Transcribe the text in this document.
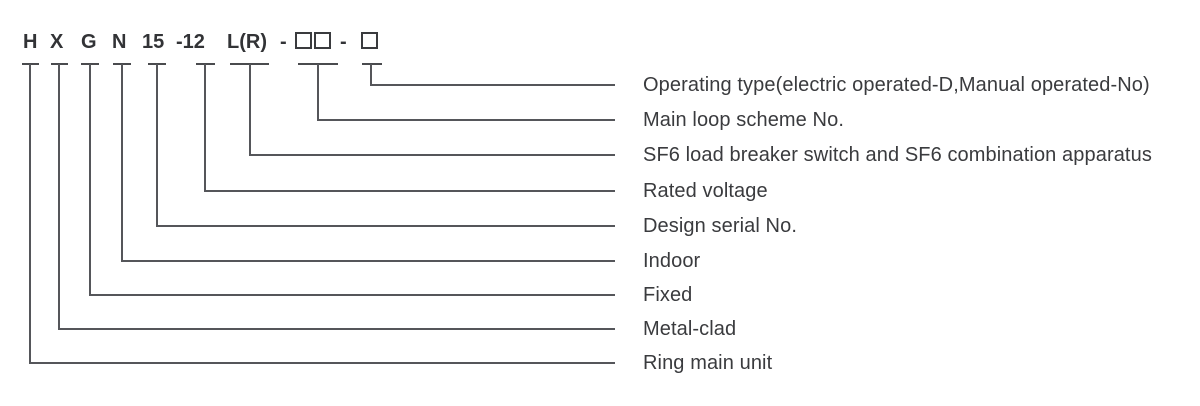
H X G N 15 -12 L(R) -	-
Operating type(electric operated-D,Manual operated-No)
Main loop scheme No.
SF6 load breaker switch and SF6 combination apparatus
Rated voltage
Design serial No.
Indoor
Fixed
Metal-clad
Ring main unit
